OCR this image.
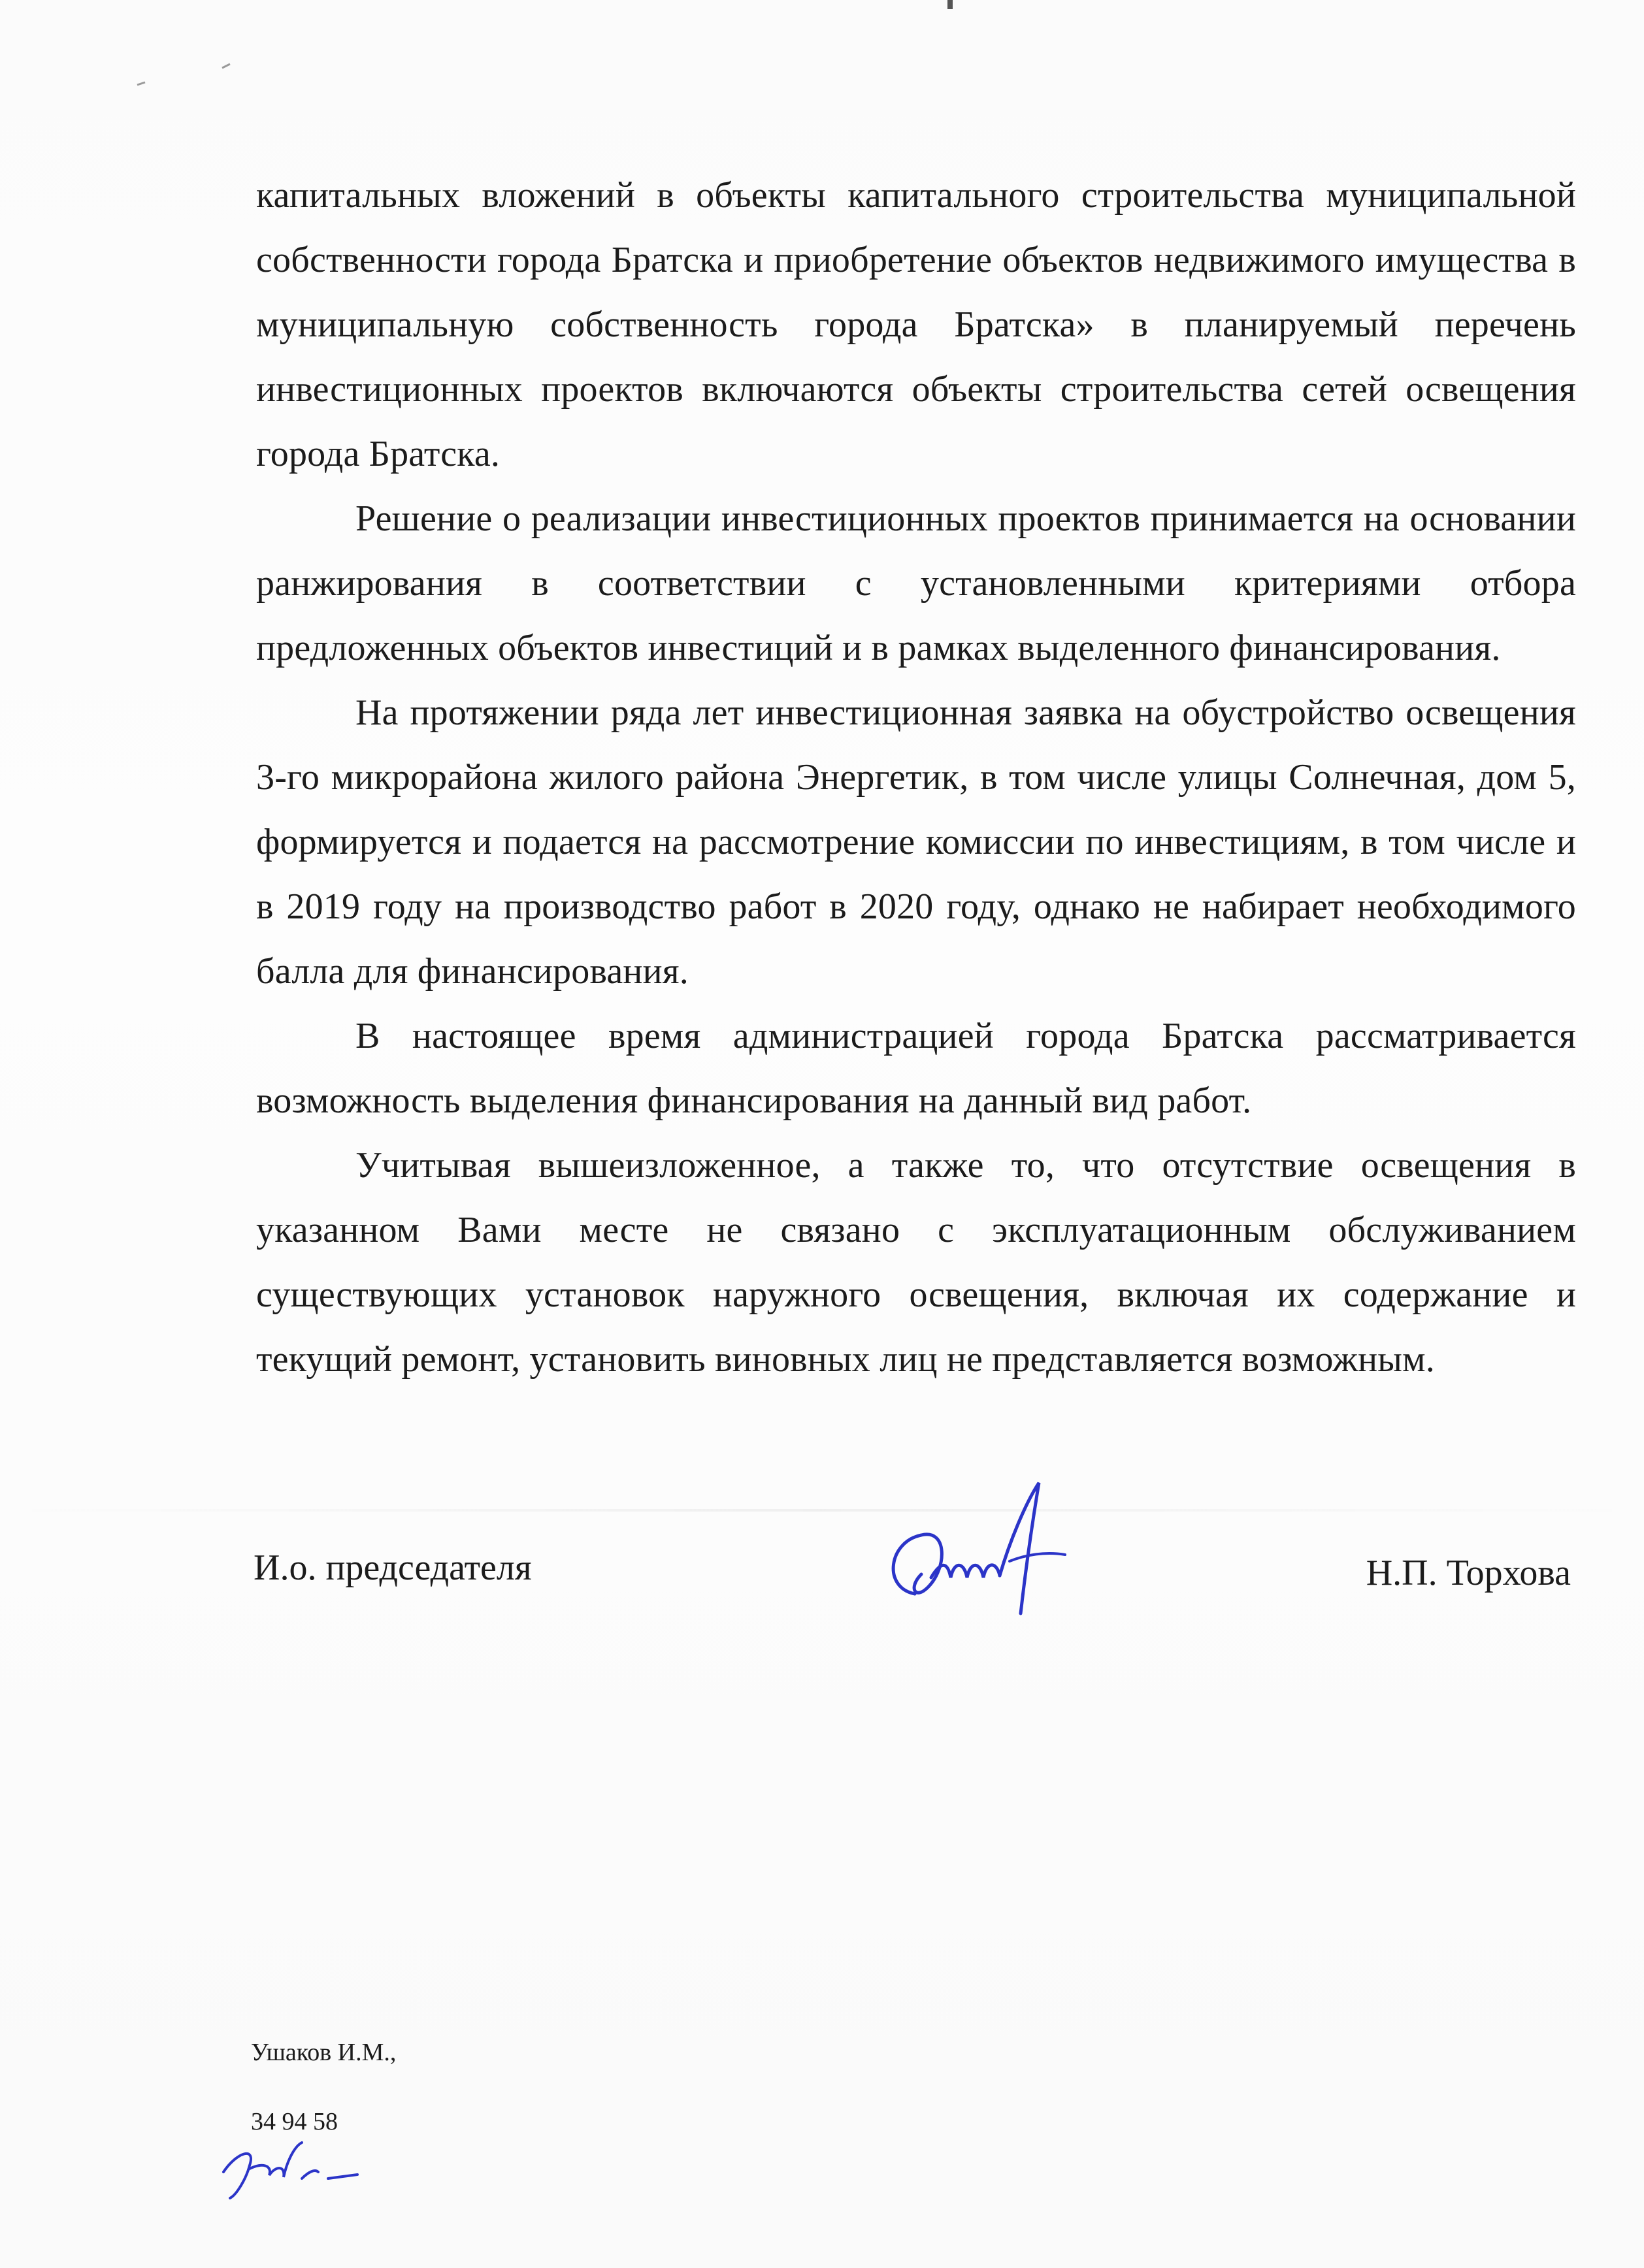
капитальных вложений в объекты капитального строительства муниципальной собственности города Братска и приобретение объектов недвижимого имущества в муниципальную собственность города Братска» в планируемый перечень инвестиционных проектов включаются объекты строительства сетей освещения города Братска.

Решение о реализации инвестиционных проектов принимается на основании ранжирования в соответствии с установленными критериями отбора предложенных объектов инвестиций и в рамках выделенного финансирования.

На протяжении ряда лет инвестиционная заявка на обустройство освещения 3-го микрорайона жилого района Энергетик, в том числе улицы Солнечная, дом 5, формируется и подается на рассмотрение комиссии по инвестициям, в том числе и в 2019 году на производство работ в 2020 году, однако не набирает необходимого балла для финансирования.

В настоящее время администрацией города Братска рассматривается возможность выделения финансирования на данный вид работ.

Учитывая вышеизложенное, а также то, что отсутствие освещения в указанном Вами месте не связано с эксплуатационным обслуживанием существующих установок наружного освещения, включая их содержание и текущий ремонт, установить виновных лиц не представляется возможным.

И.о. председателя	Н.П. Торхова
Ушаков И.М.,
34 94 58
